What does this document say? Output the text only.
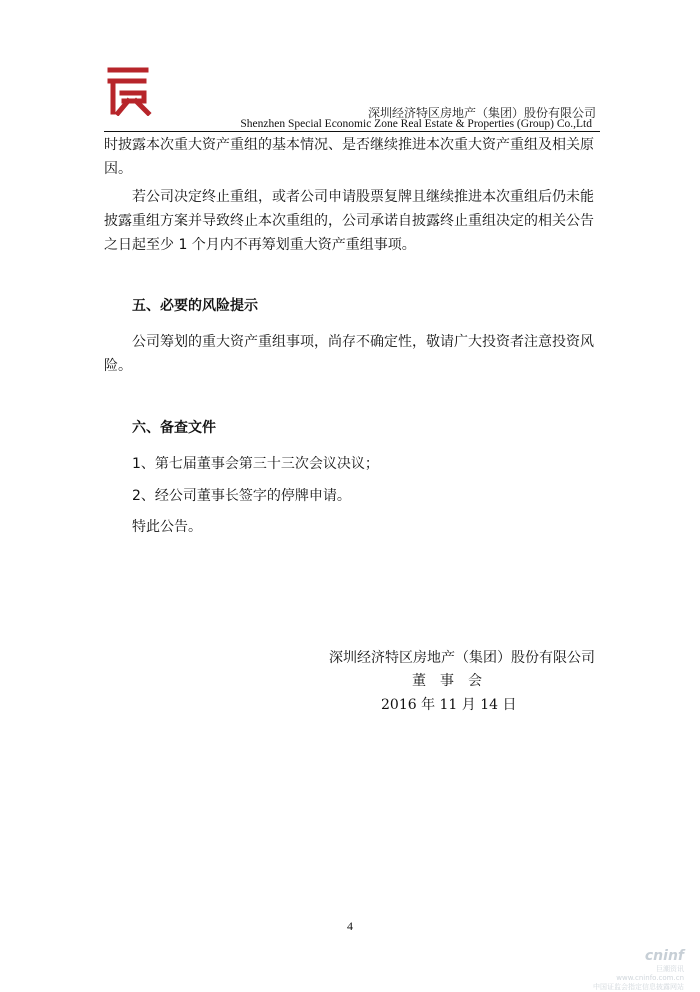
深圳经济特区房地产（集团）股份有限公司
Shenzhen Special Economic Zone Real Estate & Properties (Group) Co.,Ltd

时披露本次重大资产重组的基本情况、是否继续推进本次重大资产重组及相关原因。

若公司决定终止重组，或者公司申请股票复牌且继续推进本次重组后仍未能披露重组方案并导致终止本次重组的，公司承诺自披露终止重组决定的相关公告之日起至少 1 个月内不再筹划重大资产重组事项。

五、必要的风险提示

公司筹划的重大资产重组事项，尚存不确定性，敬请广大投资者注意投资风险。

六、备查文件

1、第七届董事会第三十三次会议决议；

2、经公司董事长签字的停牌申请。

特此公告。

深圳经济特区房地产（集团）股份有限公司
董　事　会
2016 年 11 月 14 日
4
cninf
巨潮资讯
www.cninfo.com.cn
中国证监会指定信息披露网站
